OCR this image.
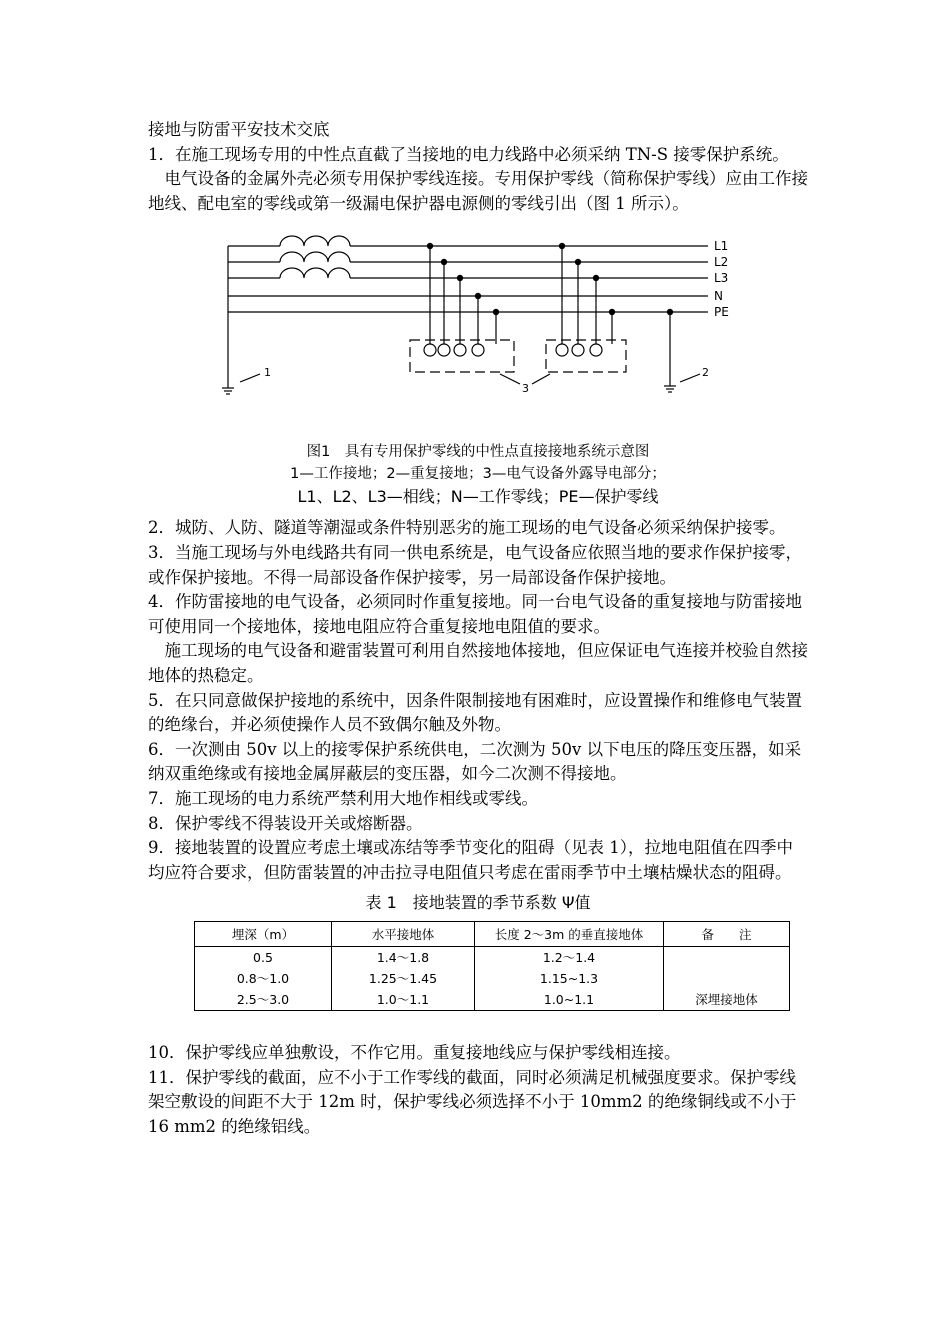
接地与防雷平安技术交底

1．在施工现场专用的中性点直截了当接地的电力线路中必须采纳 TN-S 接零保护系统。

电气设备的金属外壳必须专用保护零线连接。专用保护零线（简称保护零线）应由工作接地线、配电室的零线或第一级漏电保护器电源侧的零线引出（图 1 所示）。

L1
L2
L3
N
PE
1	2
3
图1　具有专用保护零线的中性点直接接地系统示意图
1—工作接地；2—重复接地；3—电气设备外露导电部分；
L1、L2、L3—相线；N—工作零线；PE—保护零线

2．城防、人防、隧道等潮湿或条件特别恶劣的施工现场的电气设备必须采纳保护接零。

3．当施工现场与外电线路共有同一供电系统是，电气设备应依照当地的要求作保护接零，或作保护接地。不得一局部设备作保护接零，另一局部设备作保护接地。

4．作防雷接地的电气设备，必须同时作重复接地。同一台电气设备的重复接地与防雷接地可使用同一个接地体，接地电阻应符合重复接地电阻值的要求。

施工现场的电气设备和避雷装置可利用自然接地体接地，但应保证电气连接并校验自然接地体的热稳定。

5．在只同意做保护接地的系统中，因条件限制接地有困难时，应设置操作和维修电气装置的绝缘台，并必须使操作人员不致偶尔触及外物。

6．一次测由 50v 以上的接零保护系统供电，二次测为 50v 以下电压的降压变压器，如采纳双重绝缘或有接地金属屏蔽层的变压器，如今二次测不得接地。

7．施工现场的电力系统严禁利用大地作相线或零线。

8．保护零线不得装设开关或熔断器。

9．接地装置的设置应考虑土壤或冻结等季节变化的阻碍（见表 1），拉地电阻值在四季中均应符合要求，但防雷装置的冲击拉寻电阻值只考虑在雷雨季节中土壤枯燥状态的阻碍。

表 1　接地装置的季节系数 Ψ值
埋深（m）	水平接地体	长度 2～3m 的垂直接地体	备　　注
0.5	1.4～1.8	1.2～1.4	
0.8～1.0	1.25～1.45	1.15~1.3	
2.5～3.0	1.0～1.1	1.0~1.1	深埋接地体

10．保护零线应单独敷设，不作它用。重复接地线应与保护零线相连接。

11．保护零线的截面，应不小于工作零线的截面，同时必须满足机械强度要求。保护零线架空敷设的间距不大于 12m 时，保护零线必须选择不小于 10mm2 的绝缘铜线或不小于 16 mm2 的绝缘铝线。
